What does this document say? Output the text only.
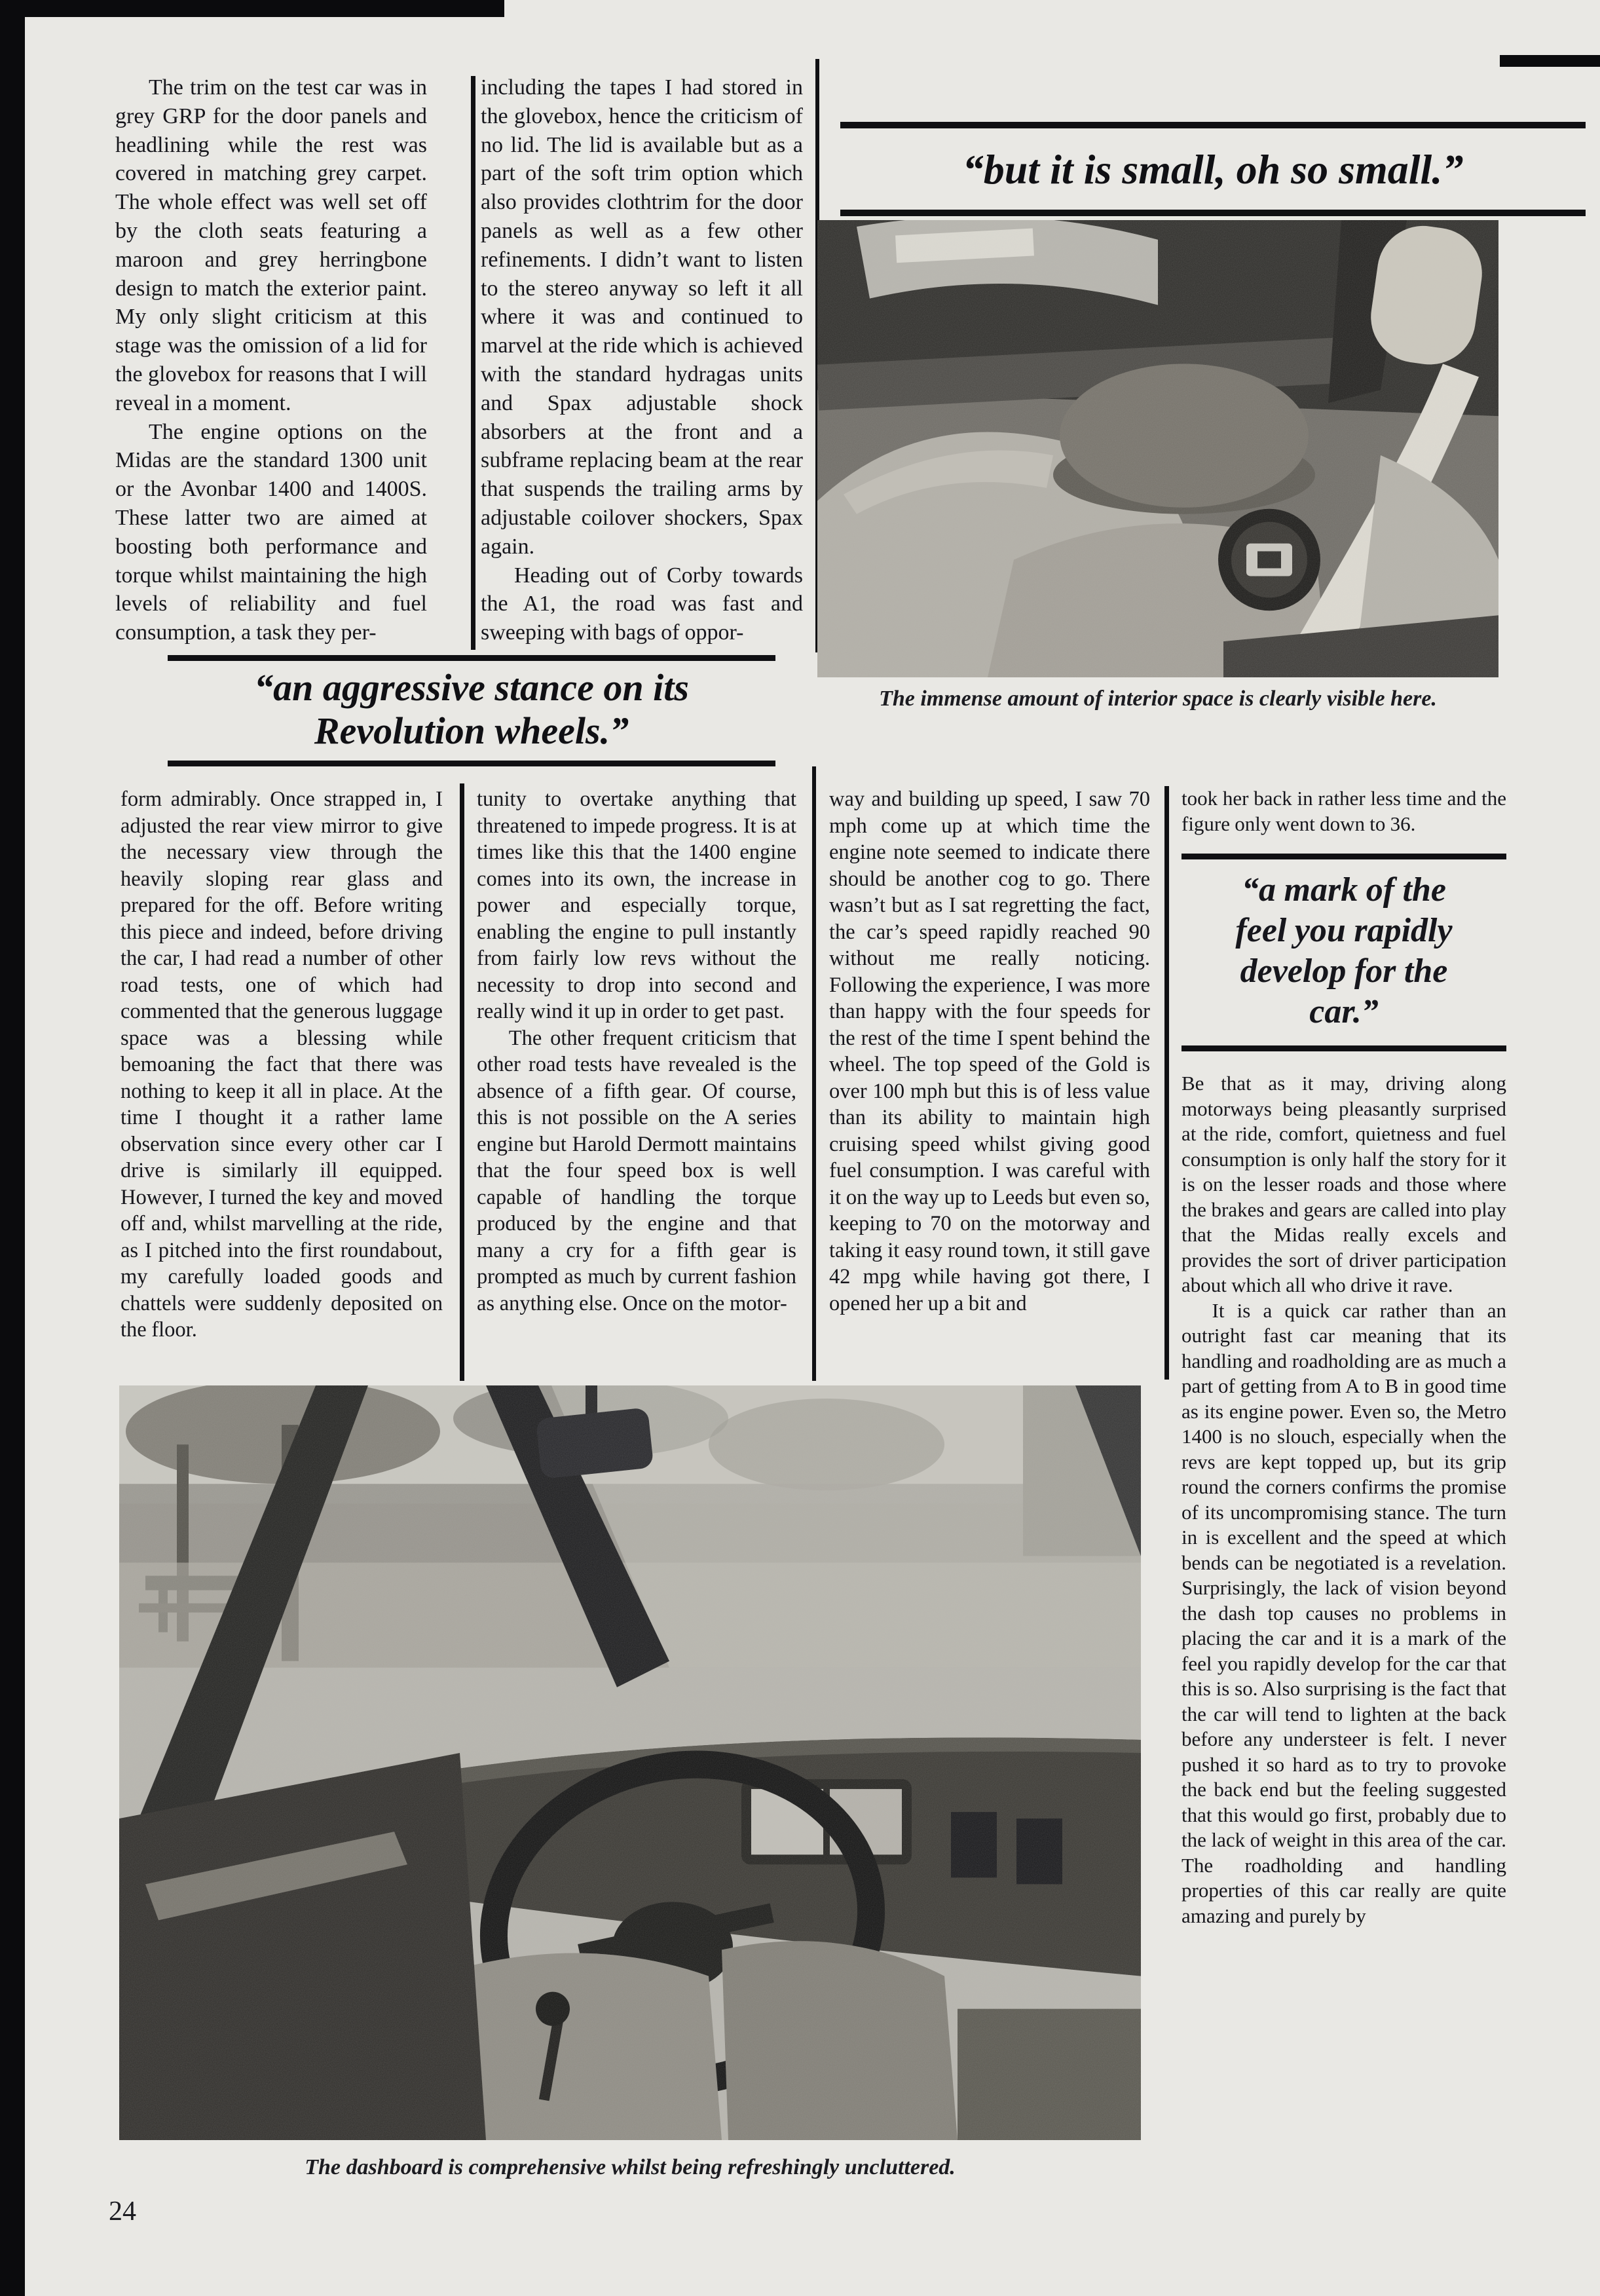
The trim on the test car was in grey GRP for the door panels and headlining while the rest was covered in matching grey carpet. The whole effect was well set off by the cloth seats featuring a maroon and grey herringbone design to match the exterior paint. My only slight criticism at this stage was the omission of a lid for the glovebox for reasons that I will reveal in a moment.

The engine options on the Midas are the standard 1300 unit or the Avonbar 1400 and 1400S. These latter two are aimed at boosting both performance and torque whilst maintaining the high levels of reliability and fuel consumption, a task they per-

including the tapes I had stored in the glovebox, hence the criticism of no lid. The lid is available but as a part of the soft trim option which also provides clothtrim for the door panels as well as a few other refinements. I didn’t want to listen to the stereo anyway so left it all where it was and continued to marvel at the ride which is achieved with the standard hydragas units and Spax adjustable shock absorbers at the front and a subframe replacing beam at the rear that suspends the trailing arms by adjustable coilover shockers, Spax again.

Heading out of Corby towards the A1, the road was fast and sweeping with bags of oppor-

“but it is small, oh so small.”
The immense amount of interior space is clearly visible here.
“an aggressive stance on its
Revolution wheels.”

form admirably. Once strapped in, I adjusted the rear view mirror to give the necessary view through the heavily sloping rear glass and prepared for the off. Before writing this piece and indeed, before driving the car, I had read a number of other road tests, one of which had commented that the generous luggage space was a blessing while bemoaning the fact that there was nothing to keep it all in place. At the time I thought it a rather lame observation since every other car I drive is similarly ill equipped. However, I turned the key and moved off and, whilst marvelling at the ride, as I pitched into the first roundabout, my carefully loaded goods and chattels were suddenly deposited on the floor.

tunity to overtake anything that threatened to impede progress. It is at times like this that the 1400 engine comes into its own, the increase in power and especially torque, enabling the engine to pull instantly from fairly low revs without the necessity to drop into second and really wind it up in order to get past.

The other frequent criticism that other road tests have revealed is the absence of a fifth gear. Of course, this is not possible on the A series engine but Harold Dermott maintains that the four speed box is well capable of handling the torque produced by the engine and that many a cry for a fifth gear is prompted as much by current fashion as anything else. Once on the motor-

way and building up speed, I saw 70 mph come up at which time the engine note seemed to indicate there should be another cog to go. There wasn’t but as I sat regretting the fact, the car’s speed rapidly reached 90 without me really noticing. Following the experience, I was more than happy with the four speeds for the rest of the time I spent behind the wheel. The top speed of the Gold is over 100 mph but this is of less value than its ability to maintain high cruising speed whilst giving good fuel consumption. I was careful with it on the way up to Leeds but even so, keeping to 70 on the motorway and taking it easy round town, it still gave 42 mpg while having got there, I opened her up a bit and

took her back in rather less time and the figure only went down to 36.

“a mark of the
feel you rapidly
develop for the
car.”

Be that as it may, driving along motorways being pleasantly surprised at the ride, comfort, quietness and fuel consumption is only half the story for it is on the lesser roads and those where the brakes and gears are called into play that the Midas really excels and provides the sort of driver participation about which all who drive it rave.

It is a quick car rather than an outright fast car meaning that its handling and roadholding are as much a part of getting from A to B in good time as its engine power. Even so, the Metro 1400 is no slouch, especially when the revs are kept topped up, but its grip round the corners confirms the promise of its uncompromising stance. The turn in is excellent and the speed at which bends can be negotiated is a revelation. Surprisingly, the lack of vision beyond the dash top causes no problems in placing the car and it is a mark of the feel you rapidly develop for the car that this is so. Also surprising is the fact that the car will tend to lighten at the back before any understeer is felt. I never pushed it so hard as to try to provoke the back end but the feeling suggested that this would go first, probably due to the lack of weight in this area of the car. The roadholding and handling properties of this car really are quite amazing and purely by

The dashboard is comprehensive whilst being refreshingly uncluttered.
24
